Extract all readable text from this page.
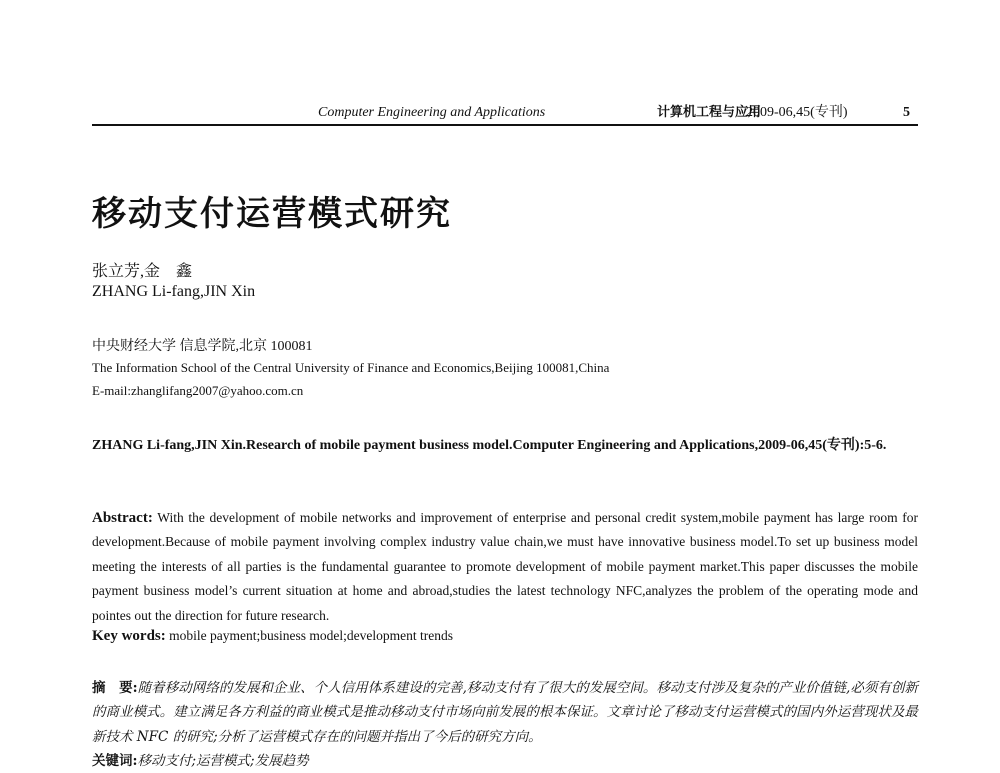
Computer Engineering and Applications	计算机工程与应用
2009-06,45(专刊)	5
移动支付运营模式研究
张立芳,金　鑫
ZHANG Li-fang,JIN Xin
中央财经大学 信息学院,北京 100081
The Information School of the Central University of Finance and Economics,Beijing 100081,China
E-mail:zhanglifang2007@yahoo.com.cn
ZHANG Li-fang,JIN Xin.Research of mobile payment business model.Computer Engineering and Applications,2009-06,45(专刊):5-6.
Abstract: With the development of mobile networks and improvement of enterprise and personal credit system,mobile payment has large room for development.Because of mobile payment involving complex industry value chain,we must have innovative business model.To set up business model meeting the interests of all parties is the fundamental guarantee to promote development of mobile payment market.This paper discusses the mobile payment business model’s current situation at home and abroad,studies the latest technology NFC,analyzes the problem of the operating mode and pointes out the direction for future research.
Key words: mobile payment;business model;development trends
摘　要:随着移动网络的发展和企业、个人信用体系建设的完善,移动支付有了很大的发展空间。移动支付涉及复杂的产业价值链,必须有创新的商业模式。建立满足各方利益的商业模式是推动移动支付市场向前发展的根本保证。文章讨论了移动支付运营模式的国内外运营现状及最新技术 NFC 的研究;分析了运营模式存在的问题并指出了今后的研究方向。
关键词:移动支付;运营模式;发展趋势
